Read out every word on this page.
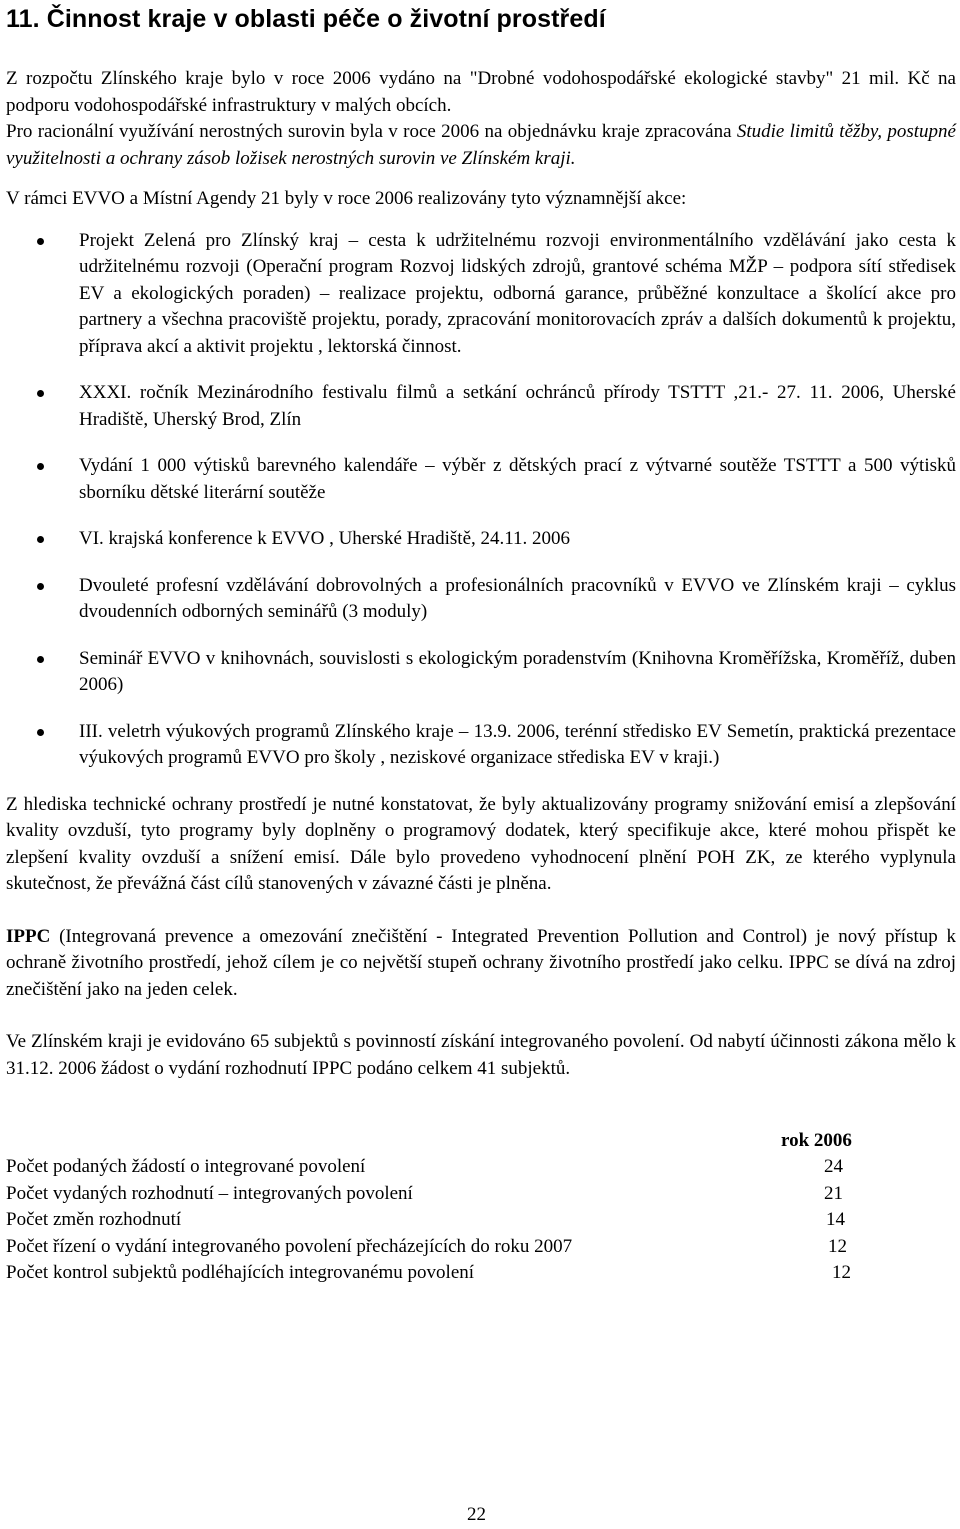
11. Činnost kraje v oblasti péče o životní prostředí

Z rozpočtu Zlínského kraje bylo v roce 2006 vydáno na "Drobné vodohospodářské ekologické stavby" 21 mil. Kč na podporu vodohospodářské infrastruktury v malých obcích.

Pro racionální využívání nerostných surovin byla v roce 2006 na objednávku kraje zpracována Studie limitů těžby, postupné využitelnosti a ochrany zásob ložisek nerostných surovin ve Zlínském kraji.

V rámci EVVO a Místní Agendy 21 byly v roce 2006 realizovány tyto významnější akce:

Projekt Zelená pro Zlínský kraj – cesta k udržitelnému rozvoji environmentálního vzdělávání jako cesta k udržitelnému rozvoji (Operační program Rozvoj lidských zdrojů, grantové schéma MŽP – podpora sítí středisek EV a ekologických poraden) – realizace projektu, odborná garance, průběžné konzultace a školící akce pro partnery a všechna pracoviště projektu, porady, zpracování monitorovacích zpráv a dalších dokumentů k projektu, příprava akcí a aktivit projektu , lektorská činnost.
XXXI. ročník Mezinárodního festivalu filmů a setkání ochránců přírody TSTTT ,21.- 27. 11. 2006, Uherské Hradiště, Uherský Brod, Zlín
Vydání 1 000 výtisků barevného kalendáře – výběr z dětských prací z výtvarné soutěže TSTTT a 500 výtisků sborníku dětské literární soutěže
VI. krajská konference k EVVO , Uherské Hradiště, 24.11. 2006
Dvouleté profesní vzdělávání dobrovolných a profesionálních pracovníků v EVVO ve Zlínském kraji – cyklus dvoudenních odborných seminářů (3 moduly)
Seminář EVVO v knihovnách, souvislosti s ekologickým poradenstvím (Knihovna Kroměřížska, Kroměříž, duben 2006)
III. veletrh výukových programů Zlínského kraje – 13.9. 2006, terénní středisko EV Semetín, praktická prezentace výukových programů EVVO pro školy , neziskové organizace střediska EV v kraji.)

Z hlediska technické ochrany prostředí je nutné konstatovat, že byly aktualizovány programy snižování emisí a zlepšování kvality ovzduší, tyto programy byly doplněny o programový dodatek, který specifikuje akce, které mohou přispět ke zlepšení kvality ovzduší a snížení emisí. Dále bylo provedeno vyhodnocení plnění POH ZK, ze kterého vyplynula skutečnost, že převážná část cílů stanovených v závazné části je plněna.

IPPC (Integrovaná prevence a omezování znečištění - Integrated Prevention Pollution and Control) je nový přístup k ochraně životního prostředí, jehož cílem je co největší stupeň ochrany životního prostředí jako celku. IPPC se dívá na zdroj znečištění jako na jeden celek.

Ve Zlínském kraji je evidováno 65 subjektů s povinností získání integrovaného povolení. Od nabytí účinnosti zákona mělo k 31.12. 2006 žádost o vydání rozhodnutí IPPC podáno celkem 41 subjektů.

rok 2006
Počet podaných žádostí o integrované povolení	24
Počet vydaných rozhodnutí – integrovaných povolení	21
Počet změn rozhodnutí	14
Počet řízení o vydání integrovaného povolení přecházejících do roku 2007	12
Počet kontrol subjektů podléhajících integrovanému povolení	12
22
